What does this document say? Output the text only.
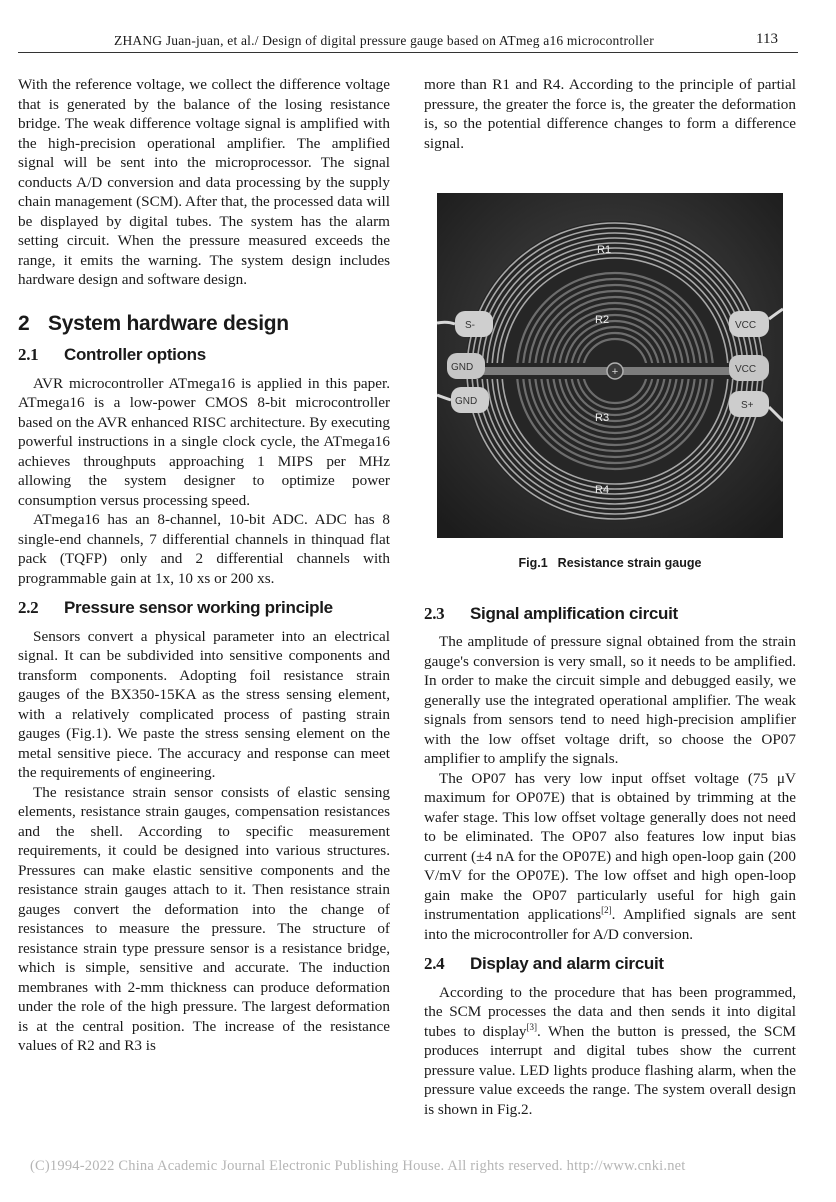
ZHANG Juan-juan, et al./ Design of digital pressure gauge based on ATmeg a16 microcontroller	113

With the reference voltage, we collect the difference voltage that is generated by the balance of the losing resistance bridge. The weak difference voltage signal is amplified with the high-precision operational amplifier. The amplified signal will be sent into the microprocessor. The signal conducts A/D conversion and data processing by the supply chain management (SCM). After that, the processed data will be displayed by digital tubes. The system has the alarm setting circuit. When the pressure measured exceeds the range, it emits the warning. The system design includes hardware design and software design.

2 System hardware design
2.1 Controller options

AVR microcontroller ATmega16 is applied in this paper. ATmega16 is a low-power CMOS 8-bit microcontroller based on the AVR enhanced RISC architecture. By executing powerful instructions in a single clock cycle, the ATmega16 achieves throughputs approaching 1 MIPS per MHz allowing the system designer to optimize power consumption versus processing speed.

ATmega16 has an 8-channel, 10-bit ADC. ADC has 8 single-end channels, 7 differential channels in thinquad flat pack (TQFP) only and 2 differential channels with programmable gain at 1x, 10 xs or 200 xs.

2.2 Pressure sensor working principle

Sensors convert a physical parameter into an electrical signal. It can be subdivided into sensitive components and transform components. Adopting foil resistance strain gauges of the BX350-15KA as the stress sensing element, with a relatively complicated process of pasting strain gauges (Fig.1). We paste the stress sensing element on the metal sensitive piece. The accuracy and response can meet the requirements of engineering.

The resistance strain sensor consists of elastic sensing elements, resistance strain gauges, compensation resistances and the shell. According to specific measurement requirements, it could be designed into various structures. Pressures can make elastic sensitive components and the resistance strain gauges attach to it. Then resistance strain gauges convert the deformation into the change of resistances to measure the pressure. The structure of resistance strain type pressure sensor is a resistance bridge, which is simple, sensitive and accurate. The induction membranes with 2-mm thickness can produce deformation under the role of the high pressure. The largest deformation is at the central position. The increase of the resistance values of R2 and R3 is

more than R1 and R4. According to the principle of partial pressure, the greater the force is, the greater the deformation is, so the potential difference changes to form a difference signal.

+
R1
R2
R3
R4
S-
GND
GND
VCC
VCC
S+

Fig.1 Resistance strain gauge

2.3 Signal amplification circuit

The amplitude of pressure signal obtained from the strain gauge's conversion is very small, so it needs to be amplified. In order to make the circuit simple and debugged easily, we generally use the integrated operational amplifier. The weak signals from sensors tend to need high-precision amplifier with the low offset voltage drift, so choose the OP07 amplifier to amplify the signals.

The OP07 has very low input offset voltage (75 μV maximum for OP07E) that is obtained by trimming at the wafer stage. This low offset voltage generally does not need to be eliminated. The OP07 also features low input bias current (±4 nA for the OP07E) and high open-loop gain (200 V/mV for the OP07E). The low offset and high open-loop gain make the OP07 particularly useful for high gain instrumentation applications[2]. Amplified signals are sent into the microcontroller for A/D conversion.

2.4 Display and alarm circuit

According to the procedure that has been programmed, the SCM processes the data and then sends it into digital tubes to display[3]. When the button is pressed, the SCM produces interrupt and digital tubes show the current pressure value. LED lights produce flashing alarm, when the pressure value exceeds the range. The system overall design is shown in Fig.2.

(C)1994-2022 China Academic Journal Electronic Publishing House. All rights reserved. http://www.cnki.net
